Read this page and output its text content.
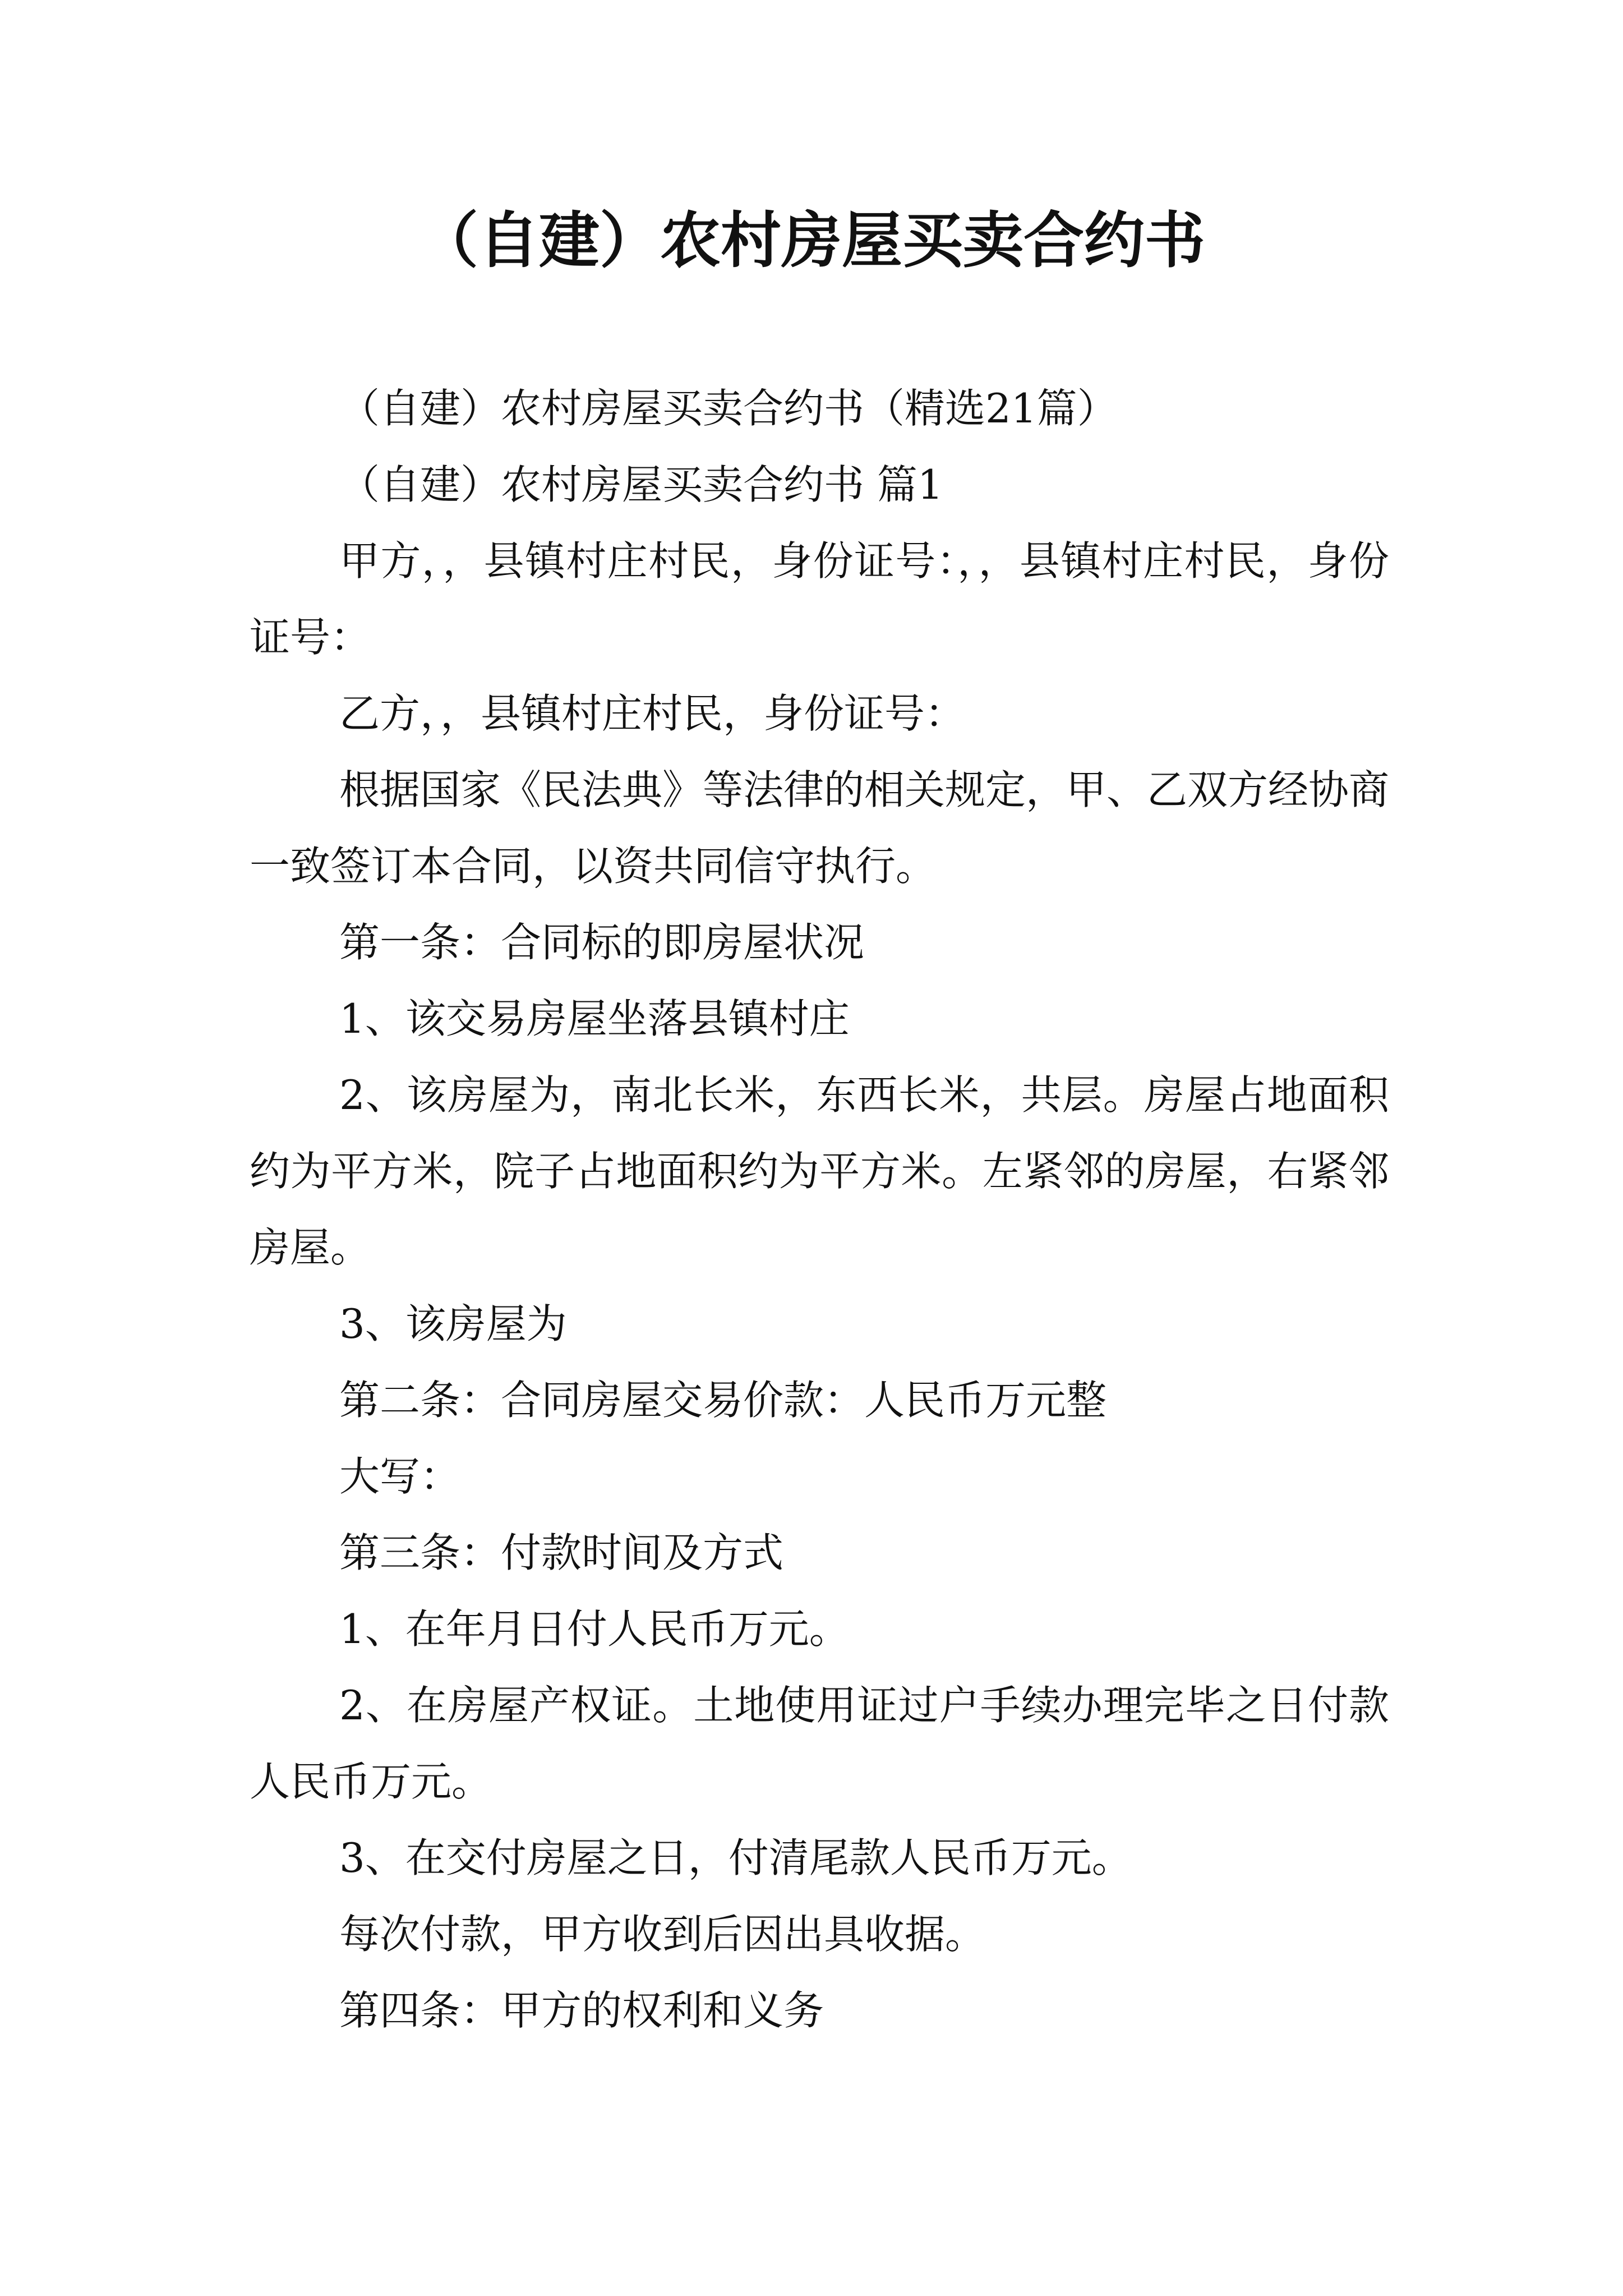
（自建）农村房屋买卖合约书

（自建）农村房屋买卖合约书（精选21篇）

（自建）农村房屋买卖合约书 篇1

甲方，，县镇村庄村民，身份证号：，，县镇村庄村民，身份证号：

乙方，，县镇村庄村民，身份证号：

根据国家《民法典》等法律的相关规定，甲、乙双方经协商一致签订本合同，以资共同信守执行。

第一条：合同标的即房屋状况

1、该交易房屋坐落县镇村庄

2、该房屋为，南北长米，东西长米，共层。房屋占地面积约为平方米，院子占地面积约为平方米。左紧邻的房屋，右紧邻房屋。

3、该房屋为

第二条：合同房屋交易价款：人民币万元整

大写：

第三条：付款时间及方式

1、在年月日付人民币万元。

2、在房屋产权证。土地使用证过户手续办理完毕之日付款人民币万元。

3、在交付房屋之日，付清尾款人民币万元。

每次付款，甲方收到后因出具收据。

第四条：甲方的权利和义务
